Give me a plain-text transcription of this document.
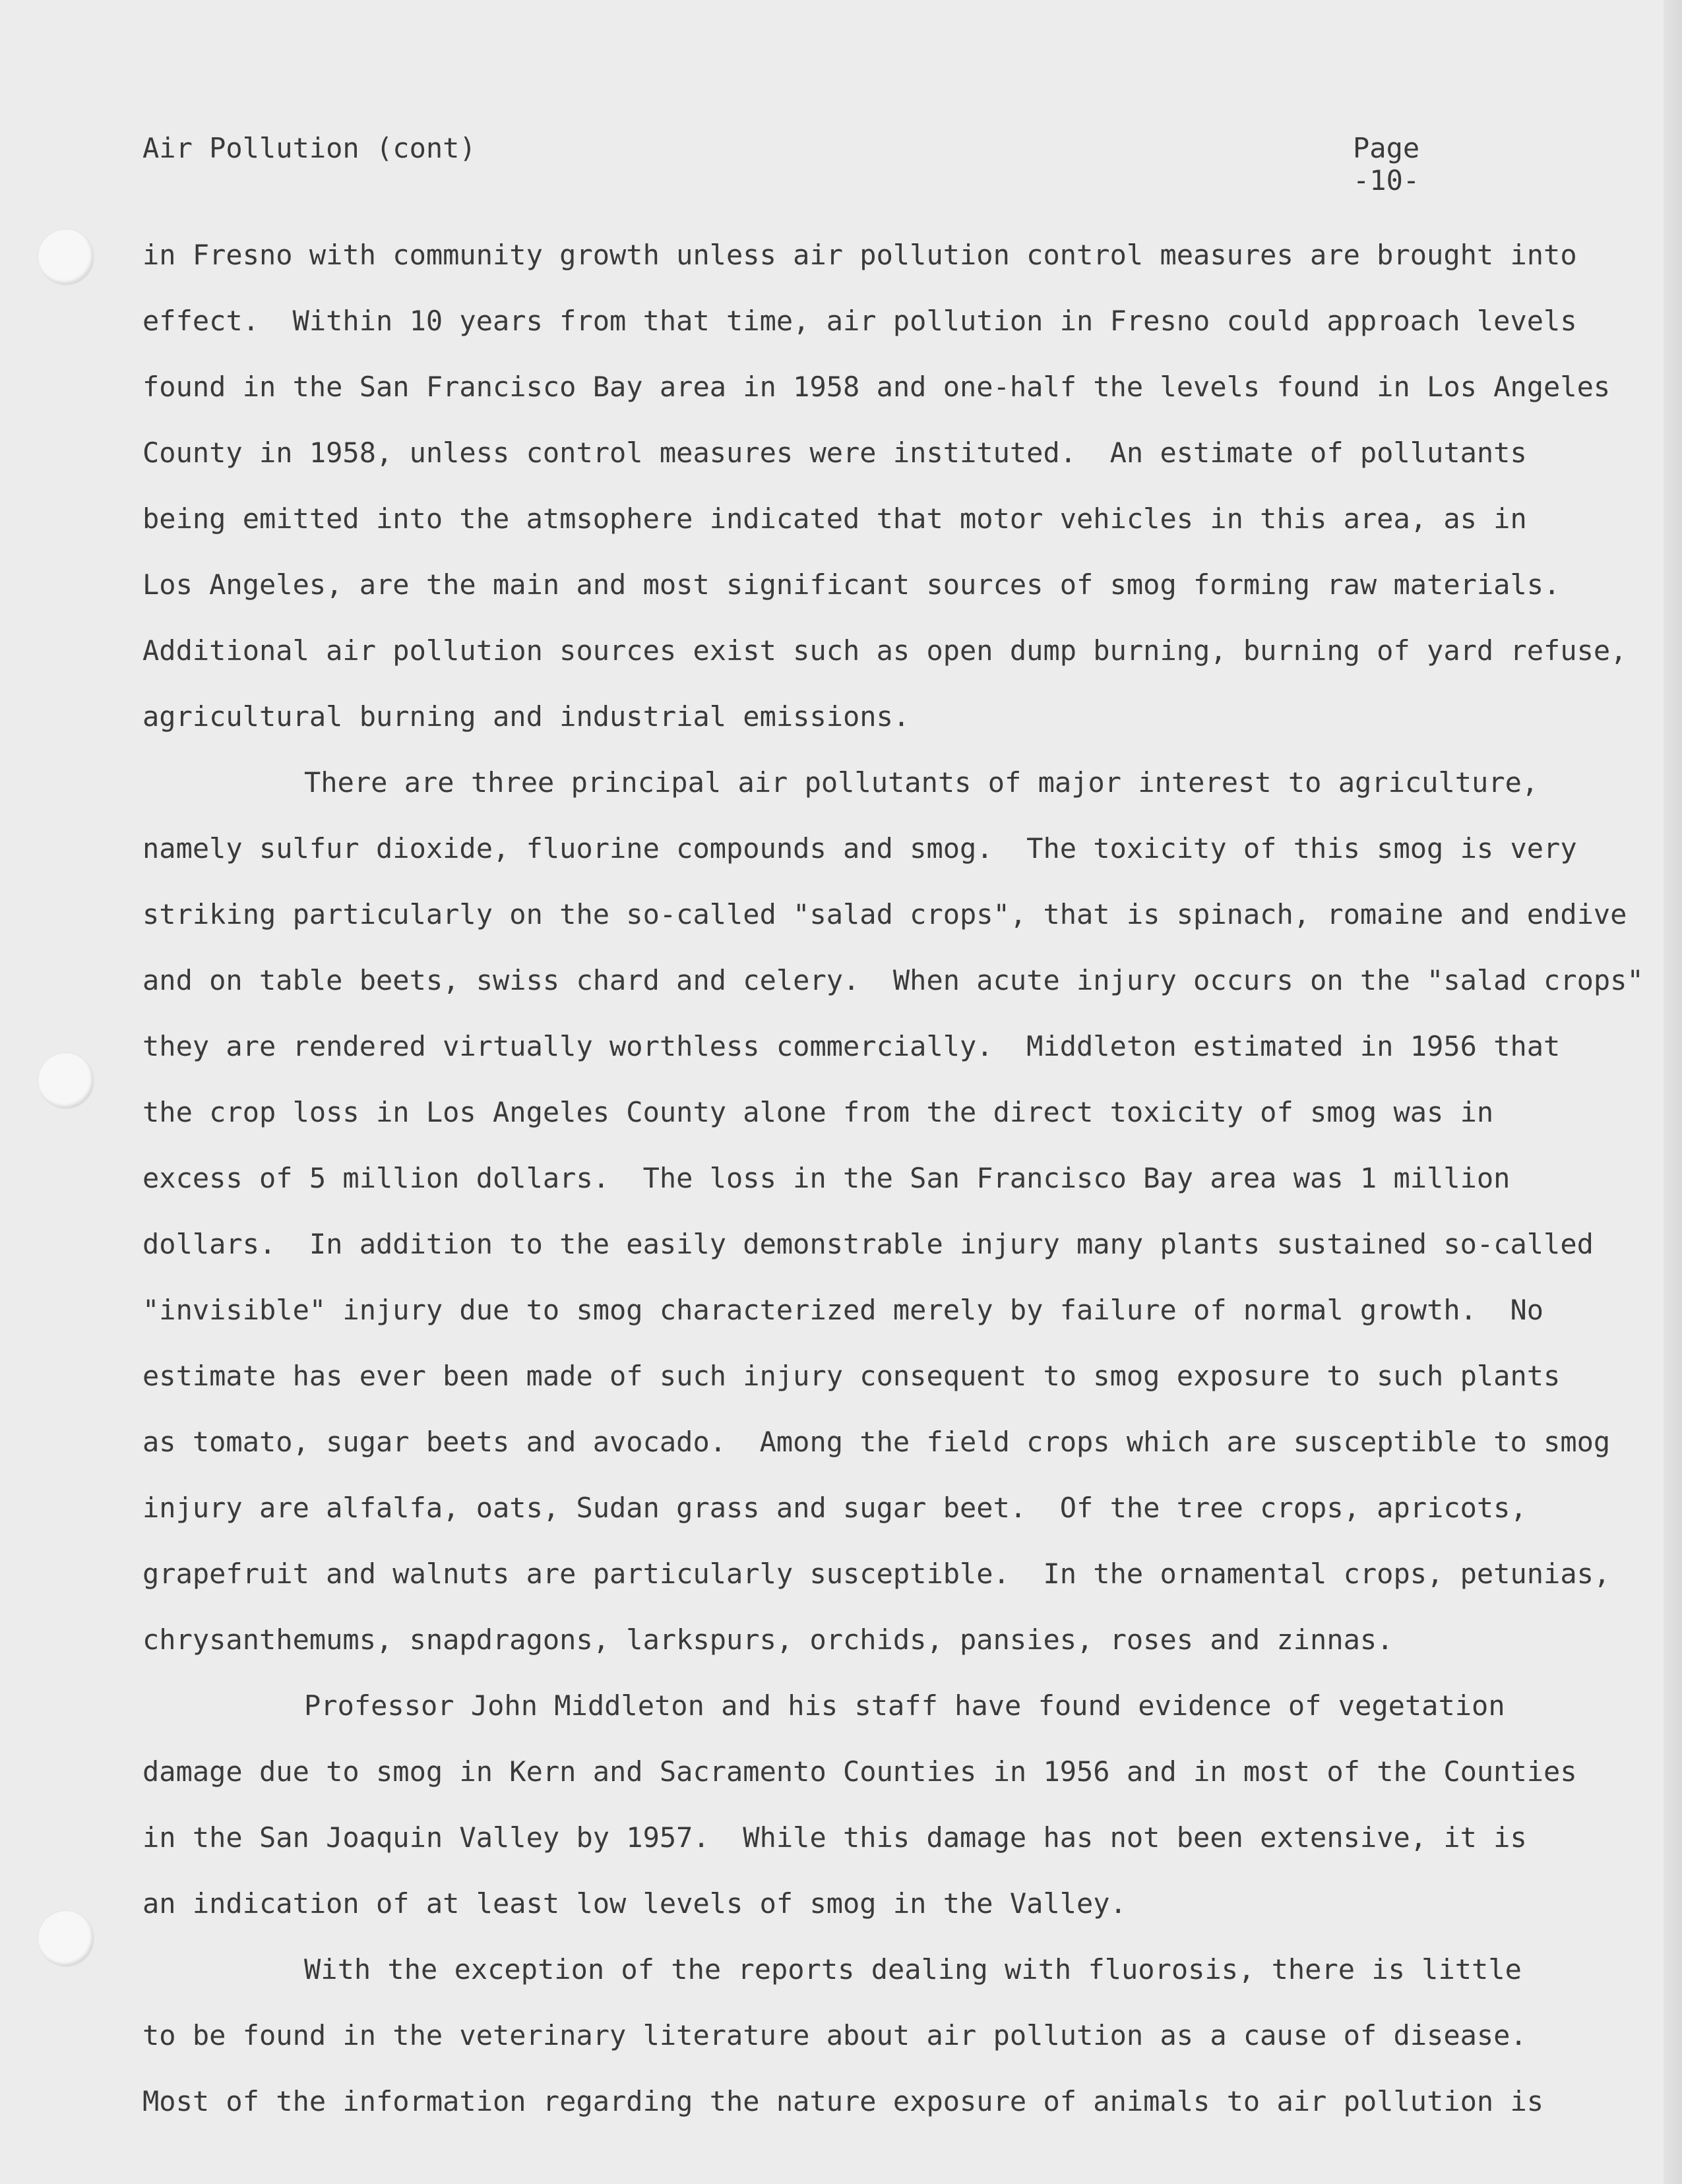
Air Pollution (cont)	Page -10-
in Fresno with community growth unless air pollution control measures are brought into
effect.  Within 10 years from that time, air pollution in Fresno could approach levels
found in the San Francisco Bay area in 1958 and one-half the levels found in Los Angeles
County in 1958, unless control measures were instituted.  An estimate of pollutants
being emitted into the atmsophere indicated that motor vehicles in this area, as in
Los Angeles, are the main and most significant sources of smog forming raw materials.
Additional air pollution sources exist such as open dump burning, burning of yard refuse,
agricultural burning and industrial emissions.
There are three principal air pollutants of major interest to agriculture,
namely sulfur dioxide, fluorine compounds and smog.  The toxicity of this smog is very
striking particularly on the so-called "salad crops", that is spinach, romaine and endive
and on table beets, swiss chard and celery.  When acute injury occurs on the "salad crops"
they are rendered virtually worthless commercially.  Middleton estimated in 1956 that
the crop loss in Los Angeles County alone from the direct toxicity of smog was in
excess of 5 million dollars.  The loss in the San Francisco Bay area was 1 million
dollars.  In addition to the easily demonstrable injury many plants sustained so-called
"invisible" injury due to smog characterized merely by failure of normal growth.  No
estimate has ever been made of such injury consequent to smog exposure to such plants
as tomato, sugar beets and avocado.  Among the field crops which are susceptible to smog
injury are alfalfa, oats, Sudan grass and sugar beet.  Of the tree crops, apricots,
grapefruit and walnuts are particularly susceptible.  In the ornamental crops, petunias,
chrysanthemums, snapdragons, larkspurs, orchids, pansies, roses and zinnas.
Professor John Middleton and his staff have found evidence of vegetation
damage due to smog in Kern and Sacramento Counties in 1956 and in most of the Counties
in the San Joaquin Valley by 1957.  While this damage has not been extensive, it is
an indication of at least low levels of smog in the Valley.
With the exception of the reports dealing with fluorosis, there is little
to be found in the veterinary literature about air pollution as a cause of disease.
Most of the information regarding the nature exposure of animals to air pollution is
